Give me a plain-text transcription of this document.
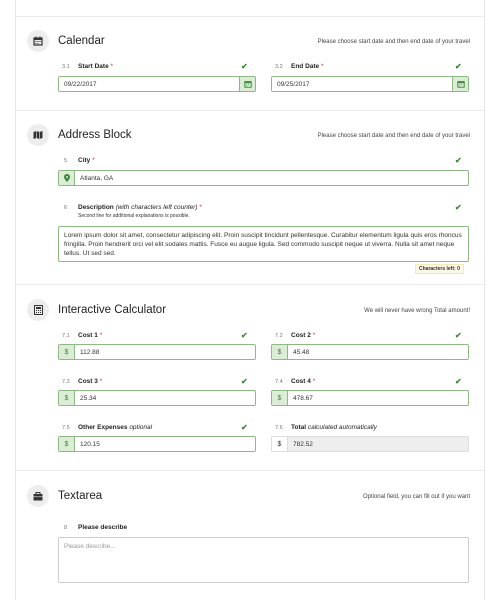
Calendar	Please choose start date and then end date of your travel
3.1 Start Date *	✔
09/22/2017
3.2 End Date *	✔
09/25/2017
Address Block	Please choose start date and then end date of your travel
5 City *	✔
Atlanta, GA
6 Description (with characters left counter) *
Second line for additional explanations is possible.
✔
Lorem ipsum dolor sit amet, consectetur adipiscing elit. Proin suscipit tincidunt pellentesque. Curabitur elementum ligula quis eros rhoncus fringilla. Proin hendrerit orci vel elit sodales mattis. Fusce eu augue ligula. Sed commodo suscipit neque ut viverra. Nulla sit amet neque tellus. Ut sed sed.
Characters left: 0
Interactive Calculator	We will never have wrong Total amount!
7.1 Cost 1 *	✔
$	112.88
7.2 Cost 2 *	✔
$	45.48
7.3 Cost 3 *	✔
$	25.34
7.4 Cost 4 *	✔
$	478.67
7.5 Other Expenses optional	✔
$	120.15
7.6 Total calculated automatically
$	782.52
Textarea	Optional field, you can fill out if you want
8 Please describe
Please describe...
